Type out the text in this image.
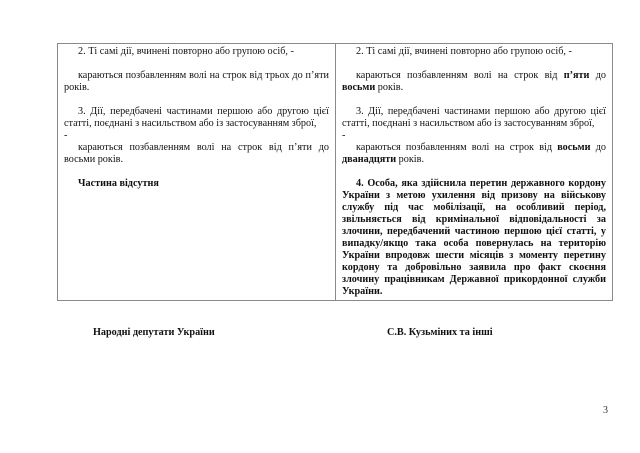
2. Ті самі дії, вчинені повторно або групою осіб, -

караються позбавленням волі на строк від трьох до п’яти років.

3. Дії, передбачені частинами першою або другою цієї статті, поєднані з насильством або із застосуванням зброї,

-

караються позбавленням волі на строк від п’яти до восьми років.

Частина відсутня

2. Ті самі дії, вчинені повторно або групою осіб, -

караються позбавленням волі на строк від п’яти до восьми років.

3. Дії, передбачені частинами першою або другою цієї статті, поєднані з насильством або із застосуванням зброї,

-

караються позбавленням волі на строк від восьми до дванадцяти років.

4. Особа, яка здійснила перетин державного кордону України з метою ухилення від призову на військову службу під час мобілізації, на особливий період, звільняється від кримінальної відповідальності за злочини, передбачений частиною першою цієї статті, у випадку/якщо така особа повернулась на територію України впродовж шести місяців з моменту перетину кордону та добровільно заявила про факт скоєння злочину працівникам Державної прикордонної служби України.

Народні депутати України	С.В. Кузьміних та інші
3
